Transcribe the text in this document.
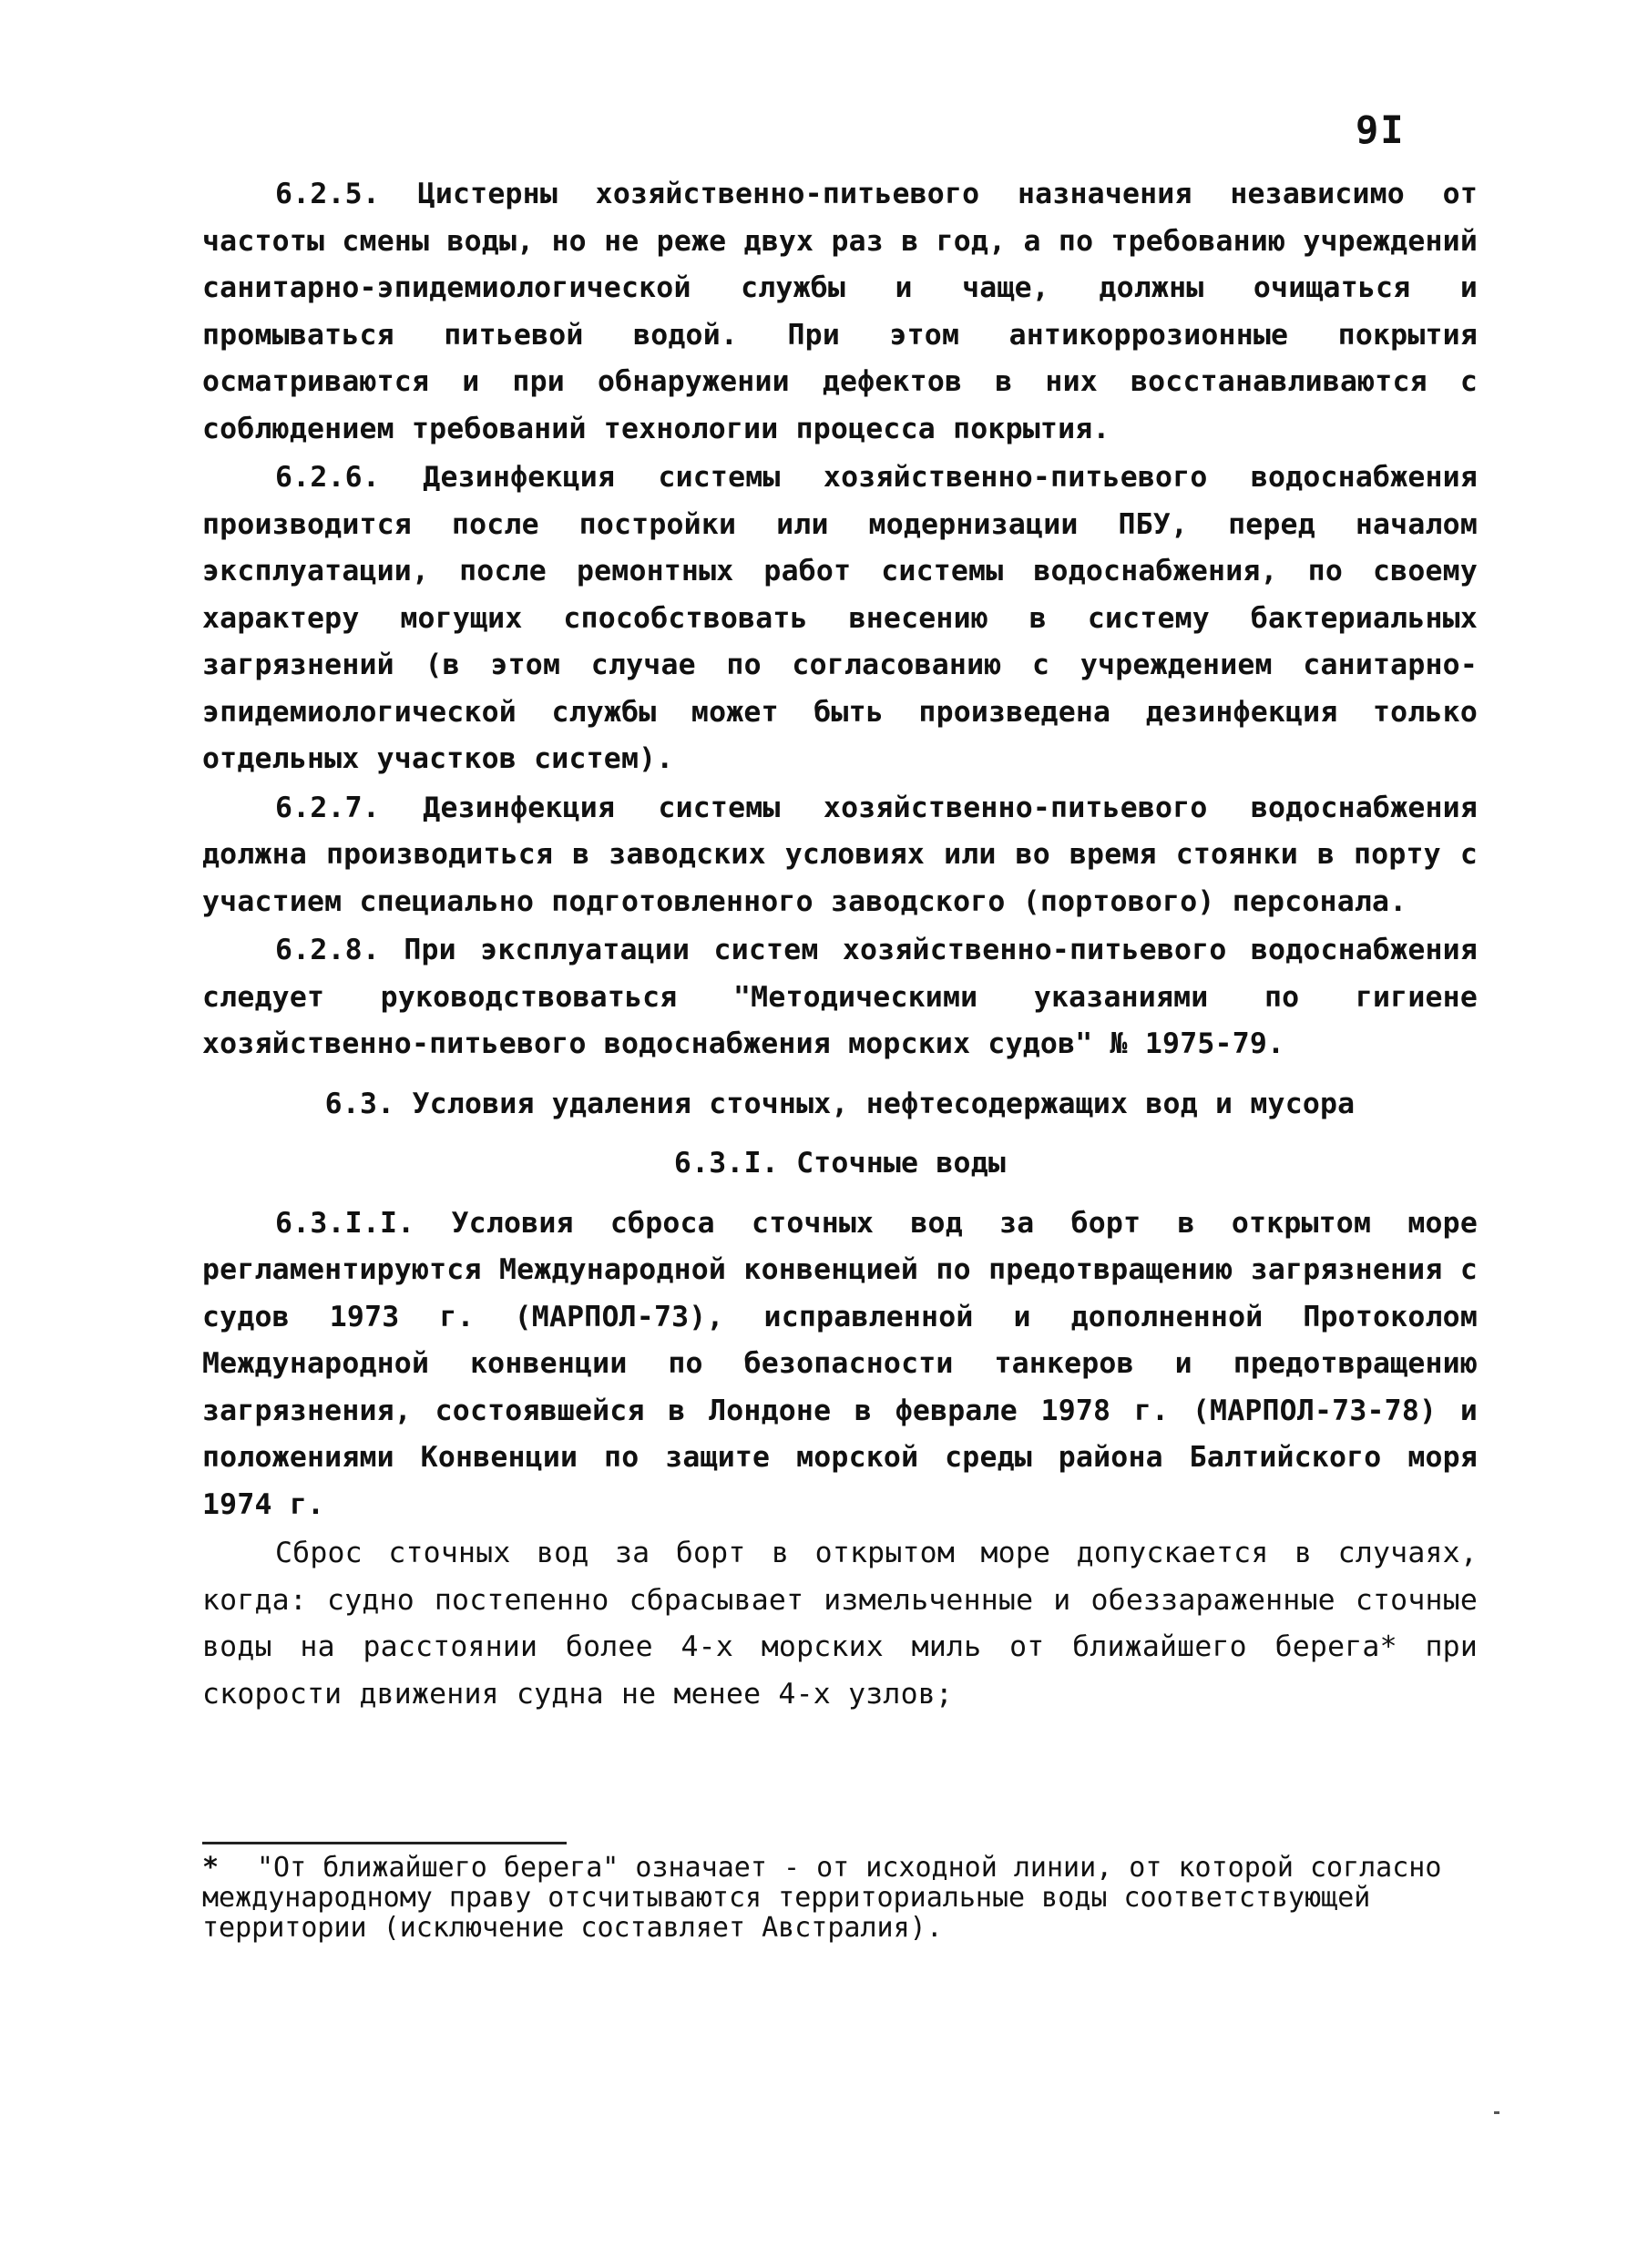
9I

6.2.5. Цистерны хозяйственно-питьевого назначения независимо от частоты смены воды, но не реже двух раз в год, а по требованию учреждений санитарно-эпидемиологической службы и чаще, должны очищаться и промываться питьевой водой. При этом антикоррозионные покрытия осматриваются и при обнаружении дефектов в них восстанавливаются с соблюдением требований технологии процесса покрытия.

6.2.6. Дезинфекция системы хозяйственно-питьевого водоснабжения производится после постройки или модернизации ПБУ, перед началом эксплуатации, после ремонтных работ системы водоснабжения, по своему характеру могущих способствовать внесению в систему бактериальных загрязнений (в этом случае по согласованию с учреждением санитарно-эпидемиологической службы может быть произведена дезинфекция только отдельных участков систем).

6.2.7. Дезинфекция системы хозяйственно-питьевого водоснабжения должна производиться в заводских условиях или во время стоянки в порту с участием специально подготовленного заводского (портового) персонала.

6.2.8. При эксплуатации систем хозяйственно-питьевого водоснабжения следует руководствоваться "Методическими указаниями по гигиене хозяйственно-питьевого водоснабжения морских судов" № 1975-79.

6.3. Условия удаления сточных, нефтесодержащих вод и мусора

6.3.I. Сточные воды

6.3.I.I. Условия сброса сточных вод за борт в открытом море регламентируются Международной конвенцией по предотвращению загрязнения с судов 1973 г. (МАРПОЛ-73), исправленной и дополненной Протоколом Международной конвенции по безопасности танкеров и предотвращению загрязнения, состоявшейся в Лондоне в феврале 1978 г. (МАРПОЛ-73-78) и положениями Конвенции по защите морской среды района Балтийского моря 1974 г.

Сброс сточных вод за борт в открытом море допускается в случаях, когда: судно постепенно сбрасывает измельченные и обеззараженные сточные воды на расстоянии более 4-х морских миль от ближайшего берега* при скорости движения судна не менее 4-х узлов;

* "От ближайшего берега" означает - от исходной линии, от которой согласно международному праву отсчитываются территориальные воды соответствующей территории (исключение составляет Австралия).
